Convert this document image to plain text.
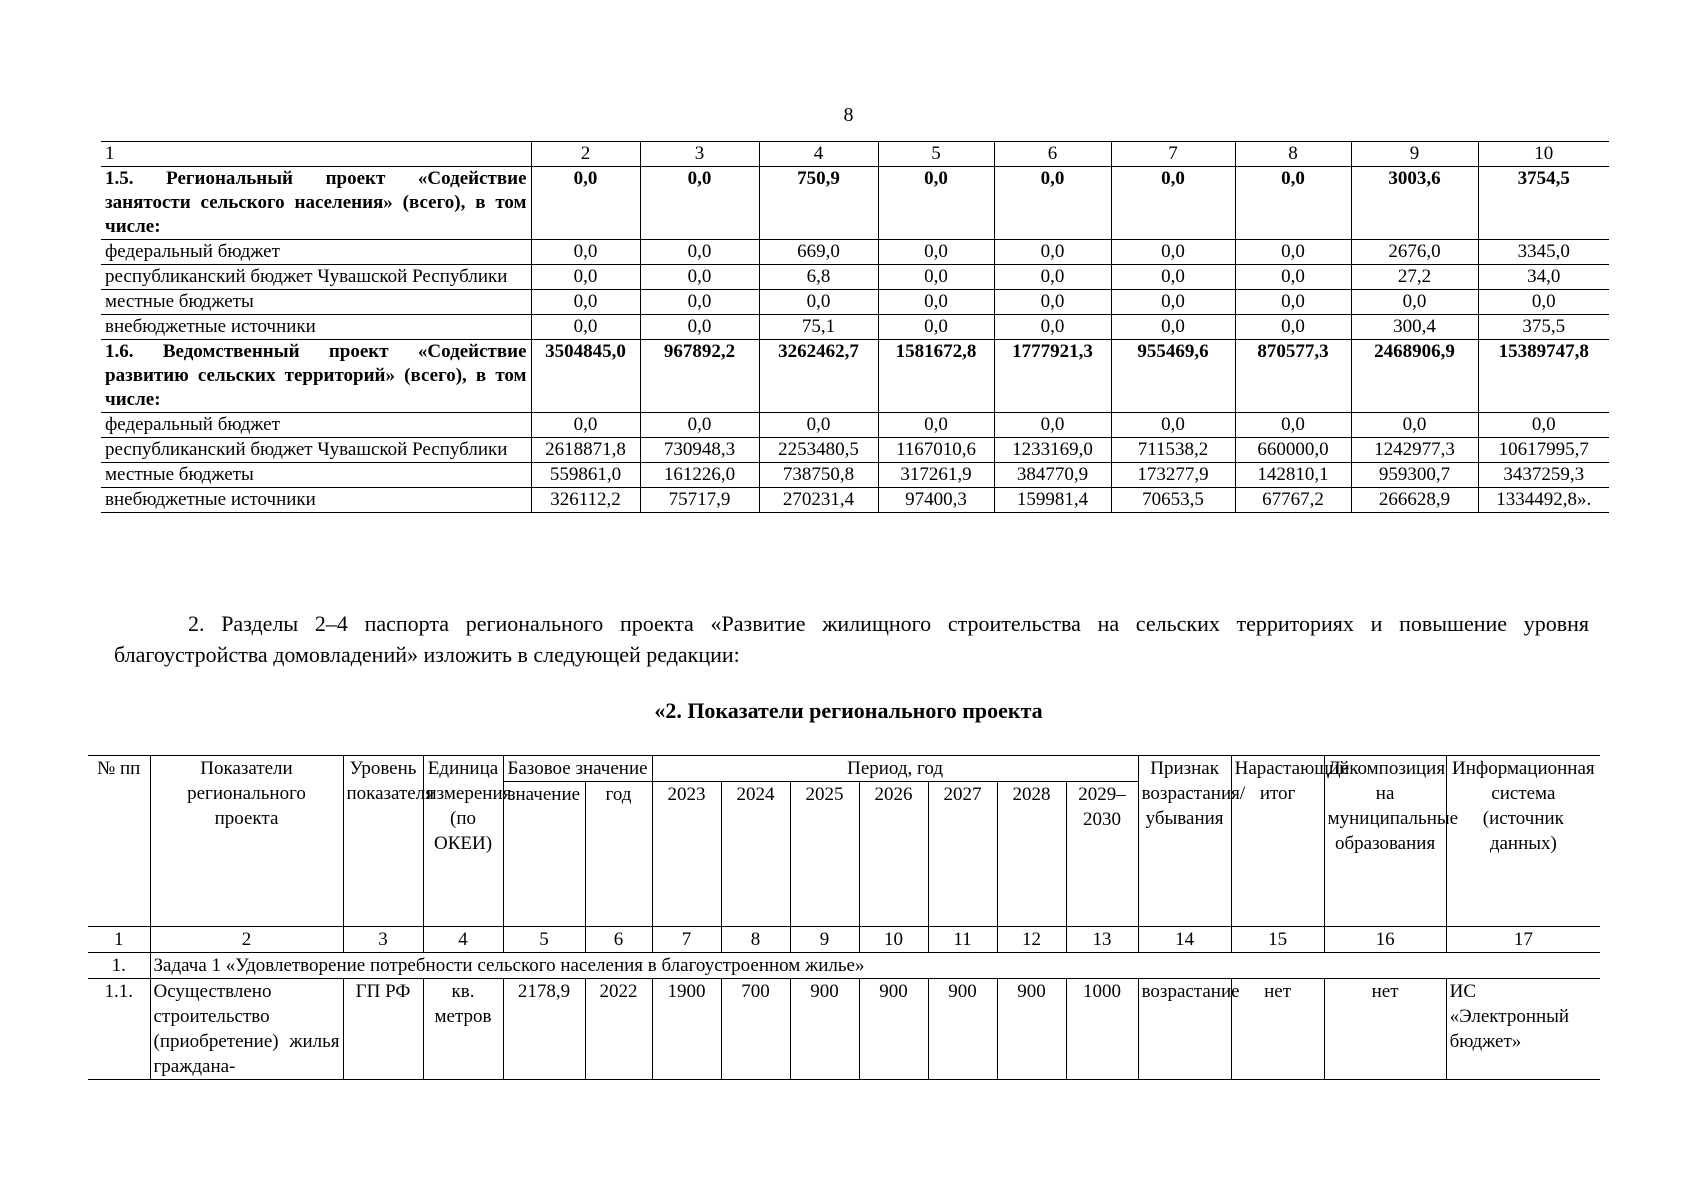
8
1	2	3	4	5	6	7	8	9	10
1.5. Региональный проект «Содействие занятости сельского населения» (всего), в том числе:	0,0	0,0	750,9	0,0	0,0	0,0	0,0	3003,6	3754,5
федеральный бюджет	0,0	0,0	669,0	0,0	0,0	0,0	0,0	2676,0	3345,0
республиканский бюджет Чувашской Республики	0,0	0,0	6,8	0,0	0,0	0,0	0,0	27,2	34,0
местные бюджеты	0,0	0,0	0,0	0,0	0,0	0,0	0,0	0,0	0,0
внебюджетные источники	0,0	0,0	75,1	0,0	0,0	0,0	0,0	300,4	375,5
1.6. Ведомственный проект «Содействие развитию сельских территорий» (всего), в том числе:	3504845,0	967892,2	3262462,7	1581672,8	1777921,3	955469,6	870577,3	2468906,9	15389747,8
федеральный бюджет	0,0	0,0	0,0	0,0	0,0	0,0	0,0	0,0	0,0
республиканский бюджет Чувашской Республики	2618871,8	730948,3	2253480,5	1167010,6	1233169,0	711538,2	660000,0	1242977,3	10617995,7
местные бюджеты	559861,0	161226,0	738750,8	317261,9	384770,9	173277,9	142810,1	959300,7	3437259,3
внебюджетные источники	326112,2	75717,9	270231,4	97400,3	159981,4	70653,5	67767,2	266628,9	1334492,8».
2. Разделы 2–4 паспорта регионального проекта «Развитие жилищного строительства на сельских территориях и повышение уровня благоустройства домовладений» изложить в следующей редакции:
«2. Показатели регионального проекта
№ пп	Показатели регионального проекта	Уровень показателя	Единица измерения (по ОКЕИ)	Базовое значение		Период, год							Признак возрастания/ убывания	Нарастающий итог	Декомпозиция на муниципальные образования	Информационная система (источник данных)
				значение	год	2023	2024	2025	2026	2027	2028	2029–2030				
1	2	3	4	5	6	7	8	9	10	11	12	13	14	15	16	17
1.	Задача 1 «Удовлетворение потребности сельского населения в благоустроенном жилье»															
1.1.	Осуществлено строительство (приобретение) жилья граждана-	ГП РФ	кв. метров	2178,9	2022	1900	700	900	900	900	900	1000	возрастание	нет	нет	ИС «Электронный бюджет»
